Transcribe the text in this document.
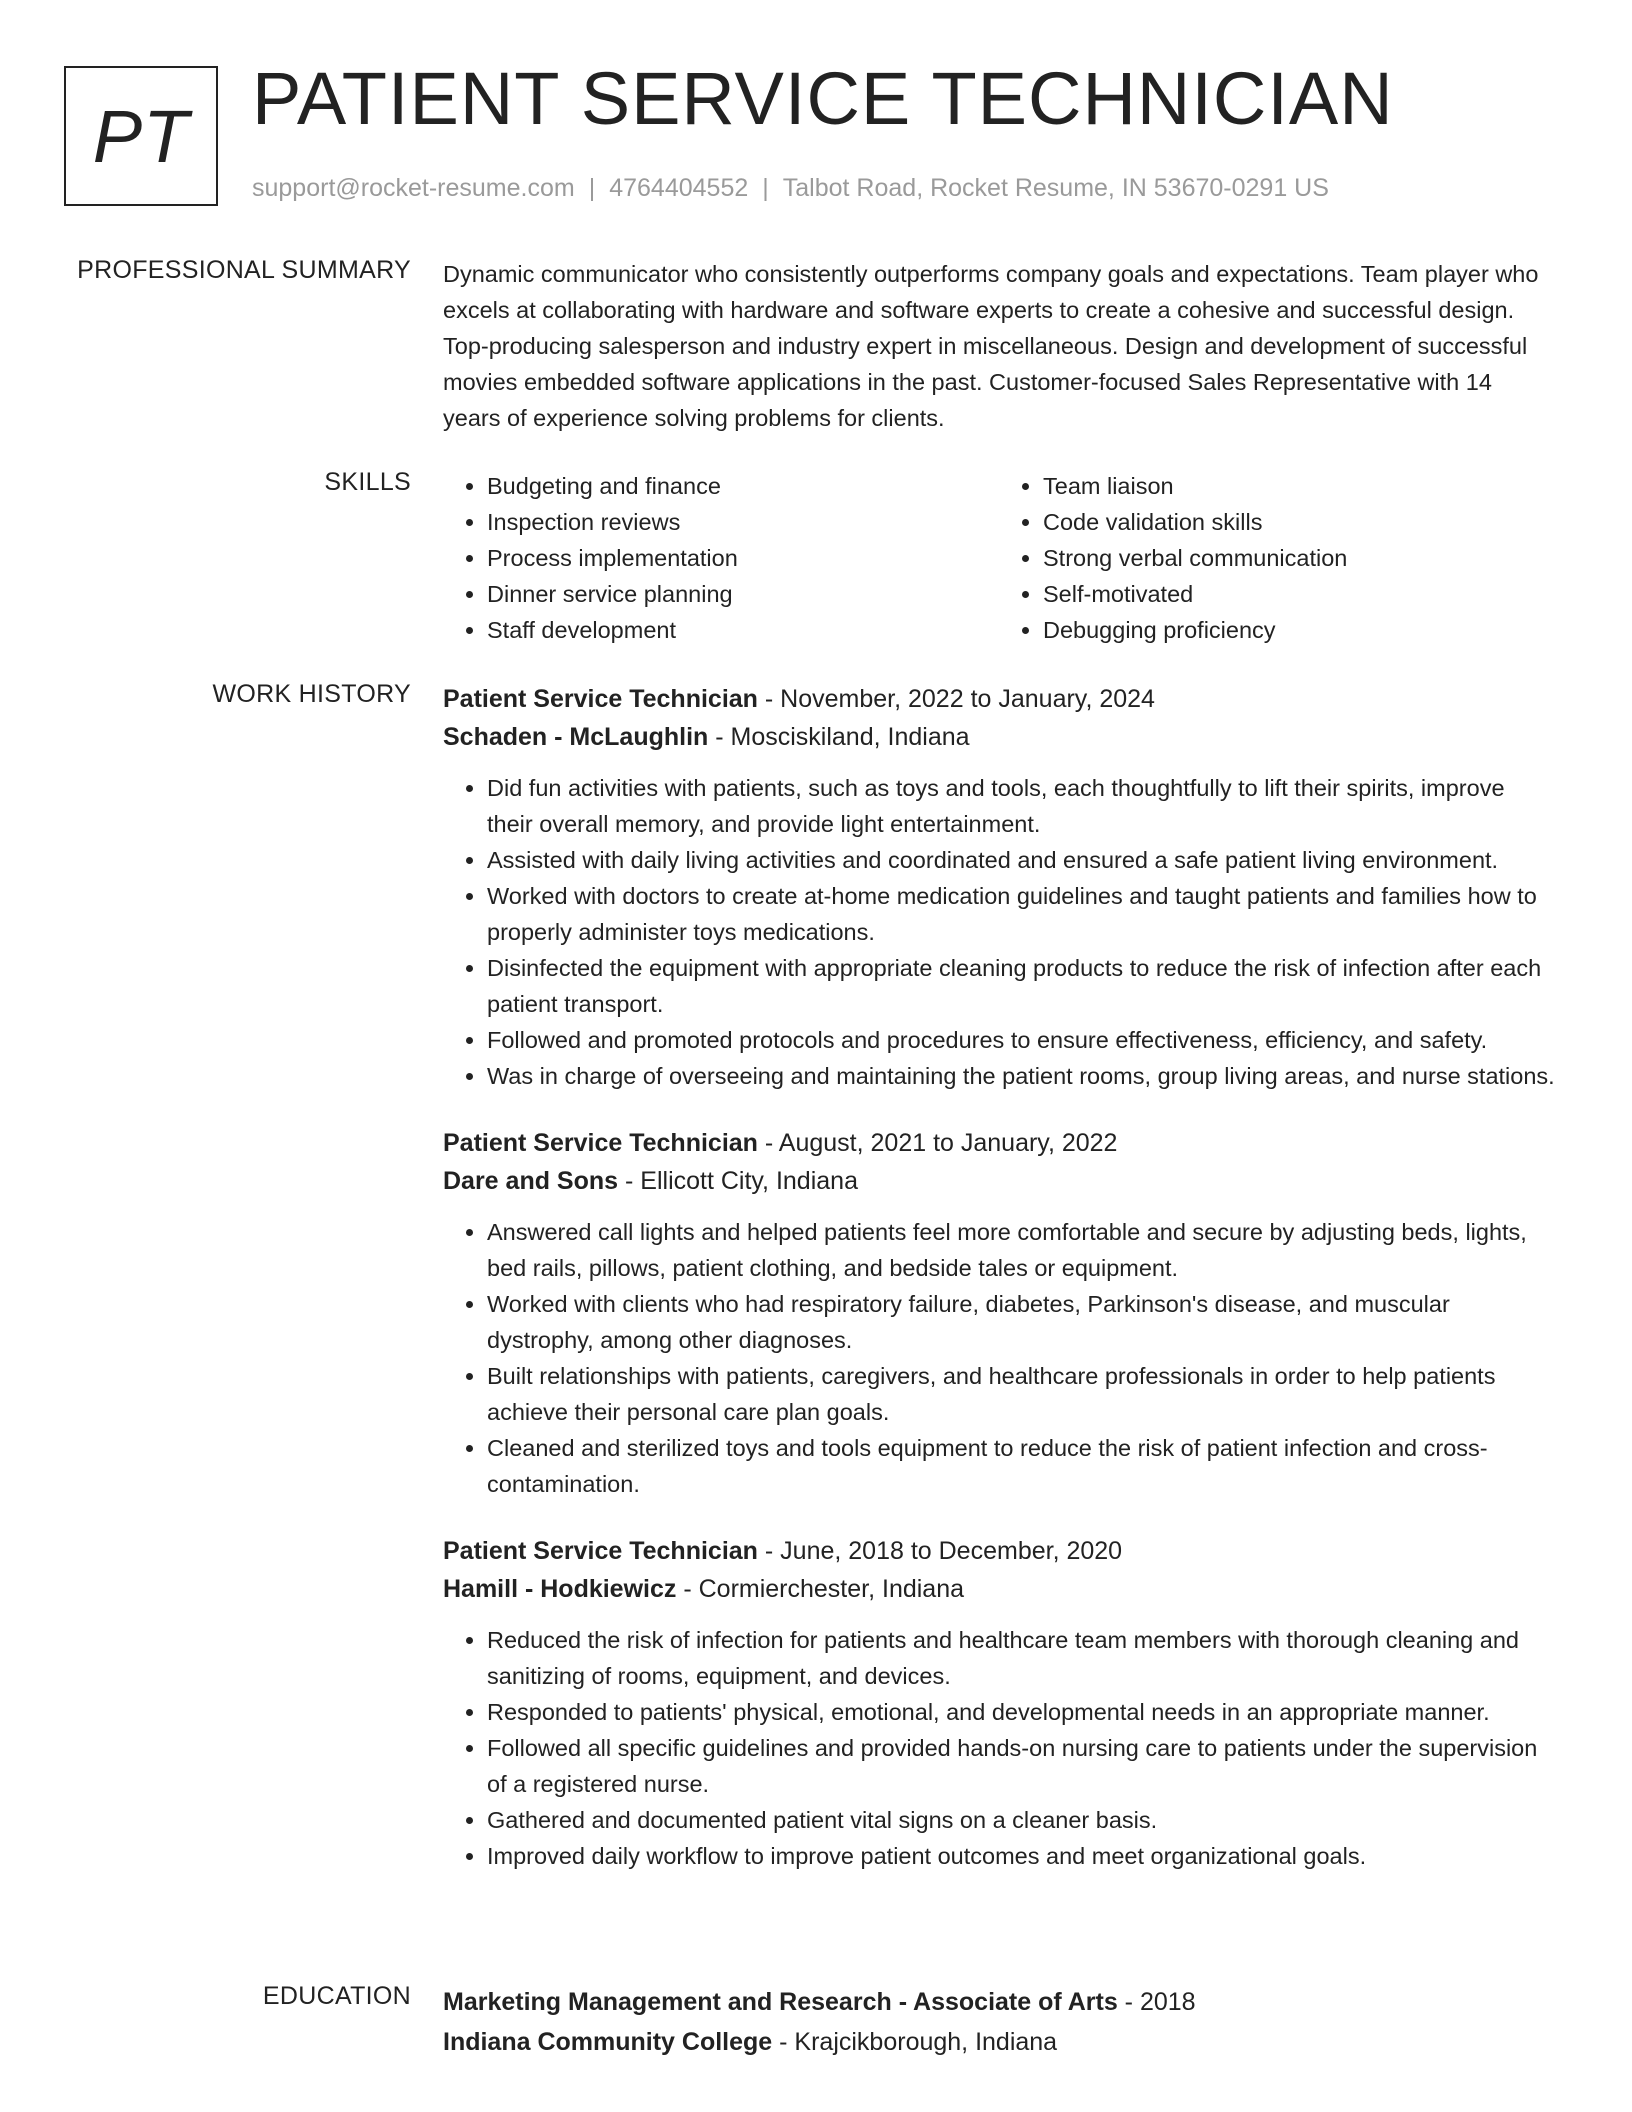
PT PATIENT SERVICE TECHNICIAN
support@rocket-resume.com | 4764404552 | Talbot Road, Rocket Resume, IN 53670-0291 US
PROFESSIONAL SUMMARY Dynamic communicator who consistently outperforms company goals and expectations. Team player who excels at collaborating with hardware and software experts to create a cohesive and successful design. Top-producing salesperson and industry expert in miscellaneous. Design and development of successful movies embedded software applications in the past. Customer-focused Sales Representative with 14 years of experience solving problems for clients.

SKILLS
•	Budgeting and finance
• Inspection reviews
• Process implementation
• Dinner service planning
• Staff development
• Team liaison
• Code validation skills
• Strong verbal communication
• Self-motivated
• Debugging proficiency
WORK HISTORY Patient Service Technician - November, 2022 to January, 2024
Schaden - McLaughlin - Mosciskiland, Indiana
• Did fun activities with patients, such as toys and tools, each thoughtfully to lift their spirits, improve their overall memory, and provide light entertainment.
• Assisted with daily living activities and coordinated and ensured a safe patient living environment.
• Worked with doctors to create at-home medication guidelines and taught patients and families how to properly administer toys medications.
• Disinfected the equipment with appropriate cleaning products to reduce the risk of infection after each patient transport.
• Followed and promoted protocols and procedures to ensure effectiveness, efficiency, and safety.
• Was in charge of overseeing and maintaining the patient rooms, group living areas, and nurse stations.
Patient Service Technician - August, 2021 to January, 2022
Dare and Sons - Ellicott City, Indiana
• Answered call lights and helped patients feel more comfortable and secure by adjusting beds, lights, bed rails, pillows, patient clothing, and bedside tales or equipment.
• Worked with clients who had respiratory failure, diabetes, Parkinson's disease, and muscular dystrophy, among other diagnoses.
• Built relationships with patients, caregivers, and healthcare professionals in order to help patients achieve their personal care plan goals.
• Cleaned and sterilized toys and tools equipment to reduce the risk of patient infection and cross-contamination.
Patient Service Technician - June, 2018 to December, 2020
Hamill - Hodkiewicz - Cormierchester, Indiana
• Reduced the risk of infection for patients and healthcare team members with thorough cleaning and sanitizing of rooms, equipment, and devices.
• Responded to patients' physical, emotional, and developmental needs in an appropriate manner.
• Followed all specific guidelines and provided hands-on nursing care to patients under the supervision of a registered nurse.
• Gathered and documented patient vital signs on a cleaner basis.
• Improved daily workflow to improve patient outcomes and meet organizational goals.
EDUCATION Marketing Management and Research - Associate of Arts - 2018
Indiana Community College - Krajcikborough, Indiana
